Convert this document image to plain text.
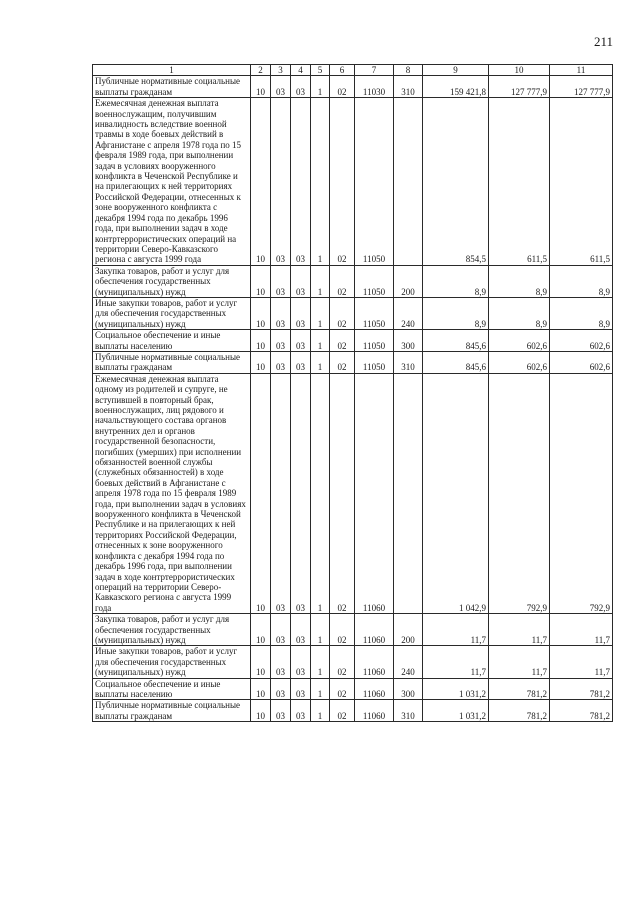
211
1	2	3	4	5	6	7	8	9	10	11
Публичные нормативные социальные выплаты гражданам	10	03	03	1	02	11030	310	159 421,8	127 777,9	127 777,9
Ежемесячная денежная выплата военнослужащим, получившим инвалидность вследствие военной травмы в ходе боевых действий в Афганистане с апреля 1978 года по 15 февраля 1989 года, при выполнении задач в условиях вооруженного конфликта в Чеченской Республике и на прилегающих к ней территориях Российской Федерации, отнесенных к зоне вооруженного конфликта с декабря 1994 года по декабрь 1996 года, при выполнении задач в ходе контртеррористических операций на территории Северо-Кавказского региона с августа 1999 года	10	03	03	1	02	11050		854,5	611,5	611,5
Закупка товаров, работ и услуг для обеспечения государственных (муниципальных) нужд	10	03	03	1	02	11050	200	8,9	8,9	8,9
Иные закупки товаров, работ и услуг для обеспечения государственных (муниципальных) нужд	10	03	03	1	02	11050	240	8,9	8,9	8,9
Социальное обеспечение и иные выплаты населению	10	03	03	1	02	11050	300	845,6	602,6	602,6
Публичные нормативные социальные выплаты гражданам	10	03	03	1	02	11050	310	845,6	602,6	602,6
Ежемесячная денежная выплата одному из родителей и супруге, не вступившей в повторный брак, военнослужащих, лиц рядового и начальствующего состава органов внутренних дел и органов государственной безопасности, погибших (умерших) при исполнении обязанностей военной службы (служебных обязанностей) в ходе боевых действий в Афганистане с апреля 1978 года по 15 февраля 1989 года, при выполнении задач в условиях вооруженного конфликта в Чеченской Республике и на прилегающих к ней территориях Российской Федерации, отнесенных к зоне вооруженного конфликта с декабря 1994 года по декабрь 1996 года, при выполнении задач в ходе контртеррористических операций на территории Северо-Кавказского региона с августа 1999 года	10	03	03	1	02	11060		1 042,9	792,9	792,9
Закупка товаров, работ и услуг для обеспечения государственных (муниципальных) нужд	10	03	03	1	02	11060	200	11,7	11,7	11,7
Иные закупки товаров, работ и услуг для обеспечения государственных (муниципальных) нужд	10	03	03	1	02	11060	240	11,7	11,7	11,7
Социальное обеспечение и иные выплаты населению	10	03	03	1	02	11060	300	1 031,2	781,2	781,2
Публичные нормативные социальные выплаты гражданам	10	03	03	1	02	11060	310	1 031,2	781,2	781,2
